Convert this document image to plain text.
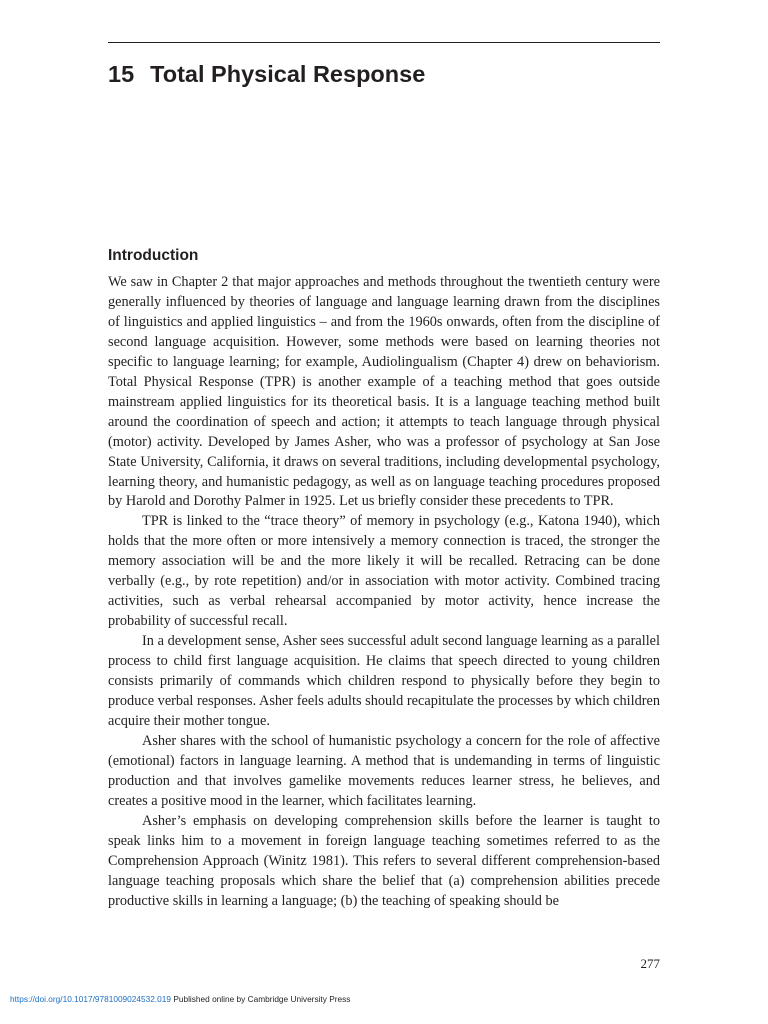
15 Total Physical Response
Introduction

We saw in Chapter 2 that major approaches and methods throughout the twentieth century were generally influenced by theories of language and language learning drawn from the disciplines of linguistics and applied linguistics – and from the 1960s onwards, often from the discipline of second language acquisition. However, some methods were based on learning theories not specific to language learning; for example, Audiolingualism (Chapter 4) drew on behaviorism. Total Physical Response (TPR) is another example of a teaching method that goes outside mainstream applied linguistics for its theoretical basis. It is a language teaching method built around the coordination of speech and action; it attempts to teach language through physical (motor) activity. Developed by James Asher, who was a professor of psychology at San Jose State University, California, it draws on several traditions, including developmental psychology, learning theory, and humanistic pedagogy, as well as on language teaching procedures proposed by Harold and Dorothy Palmer in 1925. Let us briefly consider these precedents to TPR.

TPR is linked to the “trace theory” of memory in psychology (e.g., Katona 1940), which holds that the more often or more intensively a memory connection is traced, the stronger the memory association will be and the more likely it will be recalled. Retracing can be done verbally (e.g., by rote repetition) and/or in association with motor activity. Combined tracing activities, such as verbal rehearsal accompanied by motor activity, hence increase the probability of successful recall.

In a development sense, Asher sees successful adult second language learning as a parallel process to child first language acquisition. He claims that speech directed to young children consists primarily of commands which children respond to physically before they begin to produce verbal responses. Asher feels adults should recapitulate the processes by which children acquire their mother tongue.

Asher shares with the school of humanistic psychology a concern for the role of affective (emotional) factors in language learning. A method that is undemanding in terms of linguistic production and that involves gamelike movements reduces learner stress, he believes, and creates a positive mood in the learner, which facilitates learning.

Asher’s emphasis on developing comprehension skills before the learner is taught to speak links him to a movement in foreign language teaching sometimes referred to as the Comprehension Approach (Winitz 1981). This refers to several different comprehension-based language teaching proposals which share the belief that (a) comprehension abilities precede productive skills in learning a language; (b) the teaching of speaking should be

277
https://doi.org/10.1017/9781009024532.019 Published online by Cambridge University Press
